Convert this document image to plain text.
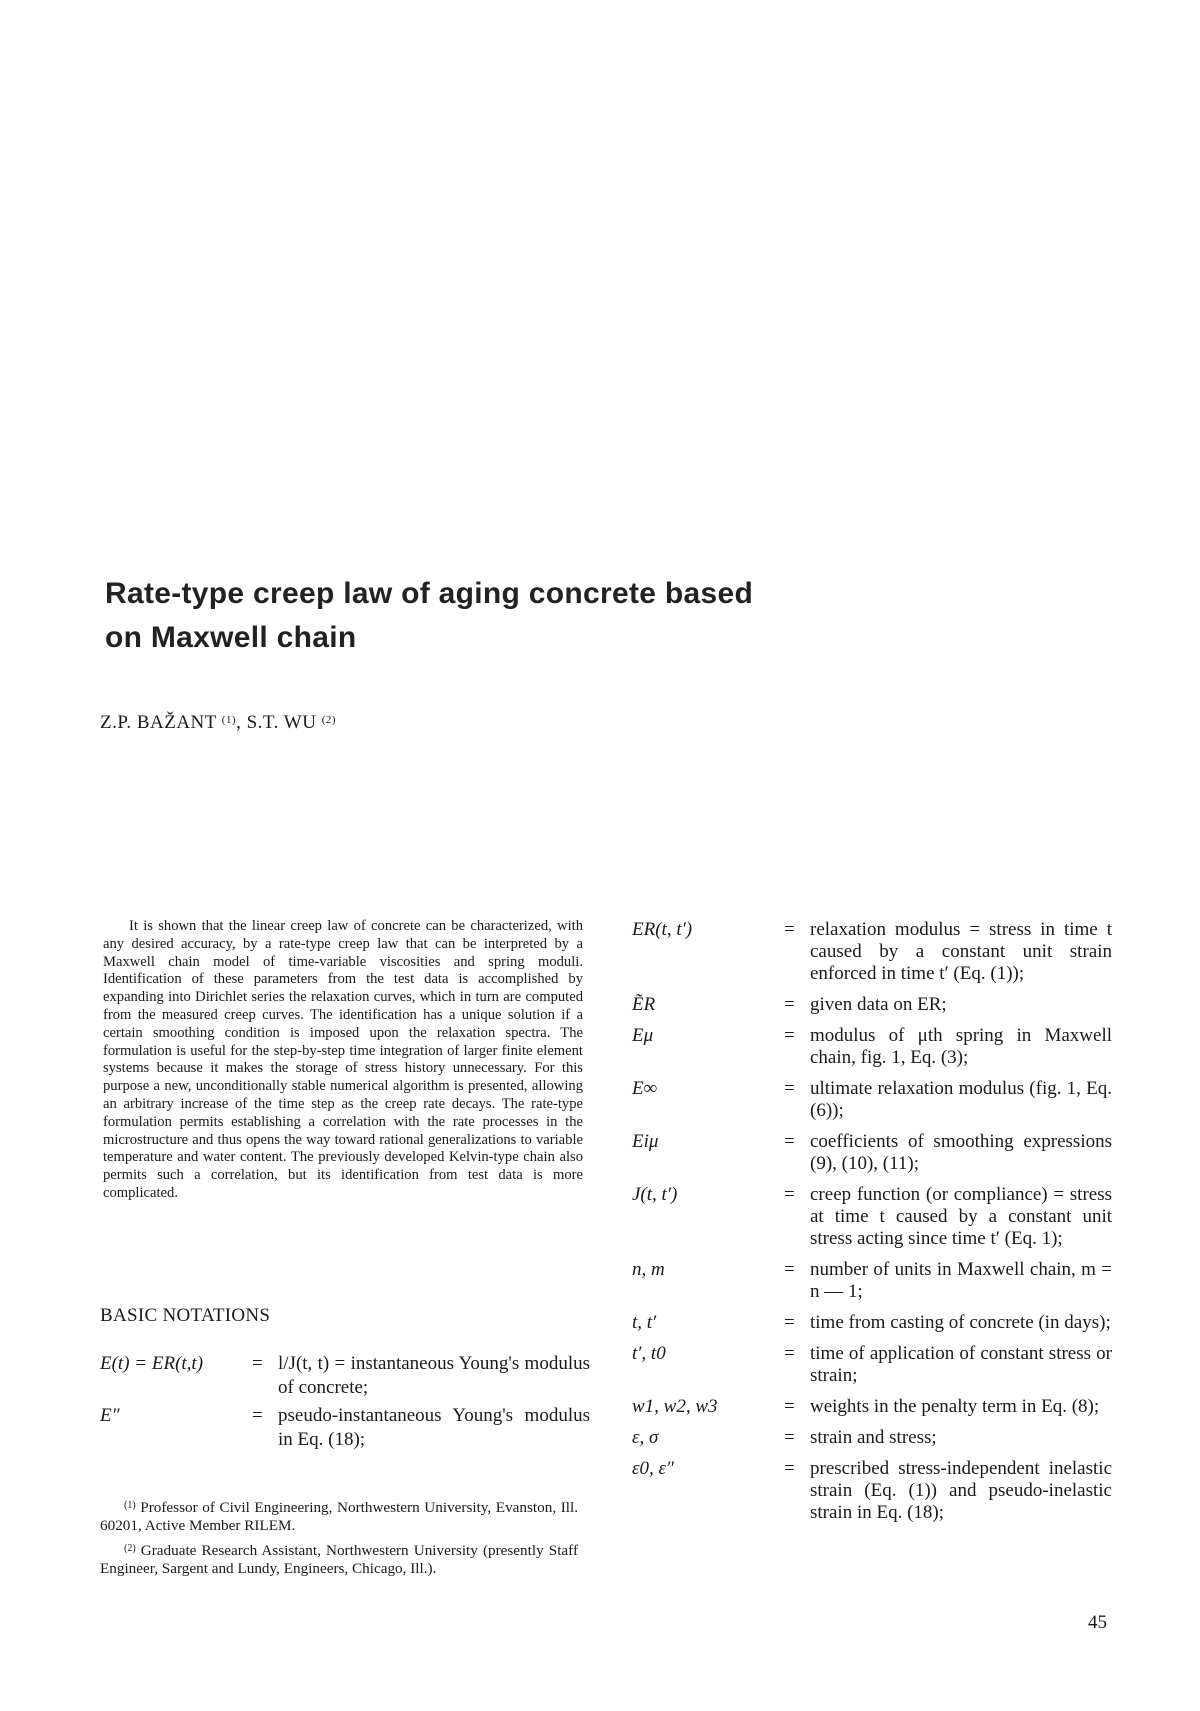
Rate-type creep law of aging concrete based
on Maxwell chain
Z.P. BAŽANT $^{(1)}$, S.T. WU $^{(2)}$

It is shown that the linear creep law of concrete can be characterized, with any desired accuracy, by a rate-type creep law that can be interpreted by a Maxwell chain model of time-variable viscosities and spring moduli. Identification of these parameters from the test data is accomplished by expanding into Dirichlet series the relaxation curves, which in turn are computed from the measured creep curves. The identification has a unique solution if a certain smoothing condition is imposed upon the relaxation spectra. The formulation is useful for the step-by-step time integration of larger finite element systems because it makes the storage of stress history unnecessary. For this purpose a new, unconditionally stable numerical algorithm is presented, allowing an arbitrary increase of the time step as the creep rate decays. The rate-type formulation permits establishing a correlation with the rate processes in the microstructure and thus opens the way toward rational generalizations to variable temperature and water content. The previously developed Kelvin-type chain also permits such a correlation, but its identification from test data is more complicated.

BASIC NOTATIONS
E(t) = ER(t,t)	= l/J(t, t) = instantaneous Young's modulus of concrete;
E″	= pseudo-instantaneous Young's modulus in Eq. (18);

$^{(1)}$ Professor of Civil Engineering, Northwestern University, Evanston, Ill. 60201, Active Member RILEM.

$^{(2)}$ Graduate Research Assistant, Northwestern University (presently Staff Engineer, Sargent and Lundy, Engineers, Chicago, Ill.).

ER(t, t′)	= relaxation modulus = stress in time t caused by a constant unit strain enforced in time t′ (Eq. (1));
ẼR	= given data on ER;
Eμ	= modulus of μth spring in Maxwell chain, fig. 1, Eq. (3);
E∞	= ultimate relaxation modulus (fig. 1, Eq. (6));
Eiμ	= coefficients of smoothing expressions (9), (10), (11);
J(t, t′)	= creep function (or compliance) = stress at time t caused by a constant unit stress acting since time t′ (Eq. 1);
n, m	= number of units in Maxwell chain, m = n — 1;
t, t′	= time from casting of concrete (in days);
t′, t0	= time of application of constant stress or strain;
w1, w2, w3	= weights in the penalty term in Eq. (8);
ε, σ	= strain and stress;
ε0, ε″	= prescribed stress-independent inelastic strain (Eq. (1)) and pseudo-inelastic strain in Eq. (18);
45
